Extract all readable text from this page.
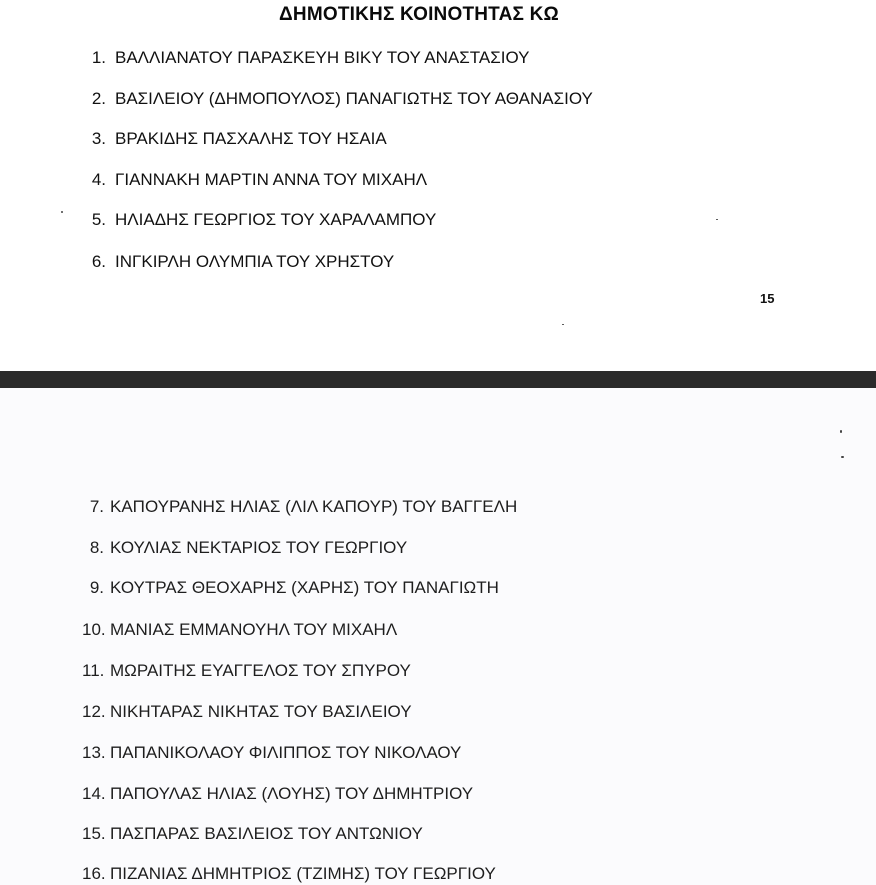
ΔΗΜΟΤΙΚΗΣ ΚΟΙΝΟΤΗΤΑΣ ΚΩ
1. ΒΑΛΛΙΑΝΑΤΟΥ ΠΑΡΑΣΚΕΥΗ ΒΙΚΥ ΤΟΥ ΑΝΑΣΤΑΣΙΟΥ
2. ΒΑΣΙΛΕΙΟΥ (ΔΗΜΟΠΟΥΛΟΣ) ΠΑΝΑΓΙΩΤΗΣ ΤΟΥ ΑΘΑΝΑΣΙΟΥ
3. ΒΡΑΚΙΔΗΣ ΠΑΣΧΑΛΗΣ ΤΟΥ ΗΣΑΙΑ
4. ΓΙΑΝΝΑΚΗ ΜΑΡΤΙΝ ΑΝΝΑ ΤΟΥ ΜΙΧΑΗΛ
5. ΗΛΙΑΔΗΣ ΓΕΩΡΓΙΟΣ ΤΟΥ ΧΑΡΑΛΑΜΠΟΥ
6. ΙΝΓΚΙΡΛΗ ΟΛΥΜΠΙΑ ΤΟΥ ΧΡΗΣΤΟΥ
15
7. ΚΑΠΟΥΡΑΝΗΣ ΗΛΙΑΣ (ΛΙΛ ΚΑΠΟΥΡ) ΤΟΥ ΒΑΓΓΕΛΗ
8. ΚΟΥΛΙΑΣ ΝΕΚΤΑΡΙΟΣ ΤΟΥ ΓΕΩΡΓΙΟΥ
9. ΚΟΥΤΡΑΣ ΘΕΟΧΑΡΗΣ (ΧΑΡΗΣ) ΤΟΥ ΠΑΝΑΓΙΩΤΗ
10. ΜΑΝΙΑΣ ΕΜΜΑΝΟΥΗΛ ΤΟΥ ΜΙΧΑΗΛ
11. ΜΩΡΑΙΤΗΣ ΕΥΑΓΓΕΛΟΣ ΤΟΥ ΣΠΥΡΟΥ
12. ΝΙΚΗΤΑΡΑΣ ΝΙΚΗΤΑΣ ΤΟΥ ΒΑΣΙΛΕΙΟΥ
13. ΠΑΠΑΝΙΚΟΛΑΟΥ ΦΙΛΙΠΠΟΣ ΤΟΥ ΝΙΚΟΛΑΟΥ
14. ΠΑΠΟΥΛΑΣ ΗΛΙΑΣ (ΛΟΥΗΣ) ΤΟΥ ΔΗΜΗΤΡΙΟΥ
15. ΠΑΣΠΑΡΑΣ ΒΑΣΙΛΕΙΟΣ ΤΟΥ ΑΝΤΩΝΙΟΥ
16. ΠΙΖΑΝΙΑΣ ΔΗΜΗΤΡΙΟΣ (ΤΖΙΜΗΣ) ΤΟΥ ΓΕΩΡΓΙΟΥ
